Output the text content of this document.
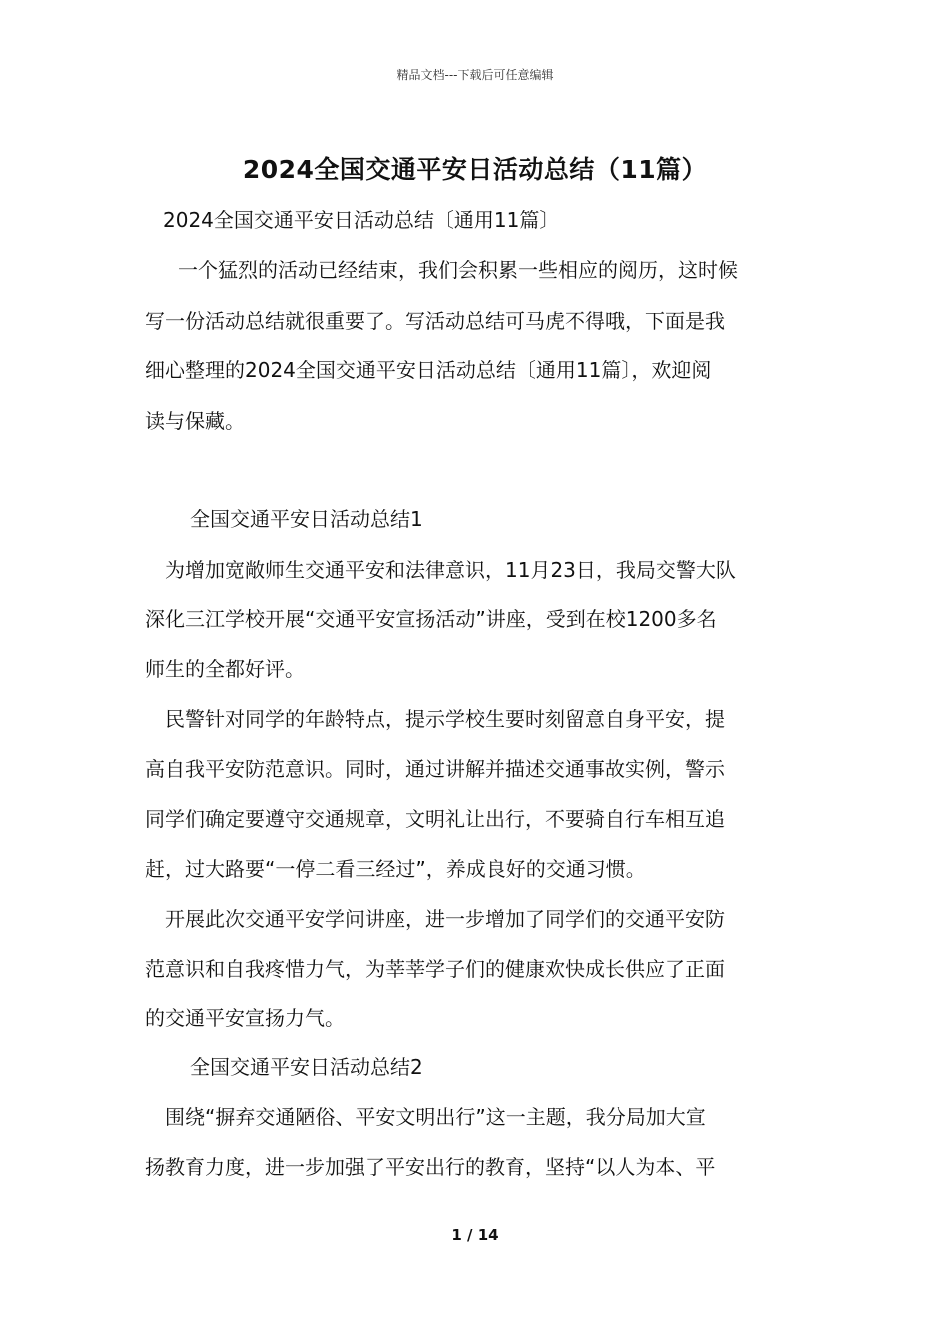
精品文档---下载后可任意编辑
2024全国交通平安日活动总结（11篇）
2024全国交通平安日活动总结〔通用11篇〕
一个猛烈的活动已经结束，我们会积累一些相应的阅历，这时候
写一份活动总结就很重要了。写活动总结可马虎不得哦，下面是我
细心整理的2024全国交通平安日活动总结〔通用11篇〕，欢迎阅
读与保藏。
全国交通平安日活动总结1
为增加宽敞师生交通平安和法律意识，11月23日，我局交警大队
深化三江学校开展“交通平安宣扬活动”讲座，受到在校1200多名
师生的全都好评。
民警针对同学的年龄特点，提示学校生要时刻留意自身平安，提
高自我平安防范意识。同时，通过讲解并描述交通事故实例，警示
同学们确定要遵守交通规章，文明礼让出行，不要骑自行车相互追
赶，过大路要“一停二看三经过”，养成良好的交通习惯。
开展此次交通平安学问讲座，进一步增加了同学们的交通平安防
范意识和自我疼惜力气，为莘莘学子们的健康欢快成长供应了正面
的交通平安宣扬力气。
全国交通平安日活动总结2
围绕“摒弃交通陋俗、平安文明出行”这一主题，我分局加大宣
扬教育力度，进一步加强了平安出行的教育，坚持“以人为本、平
1 / 14
